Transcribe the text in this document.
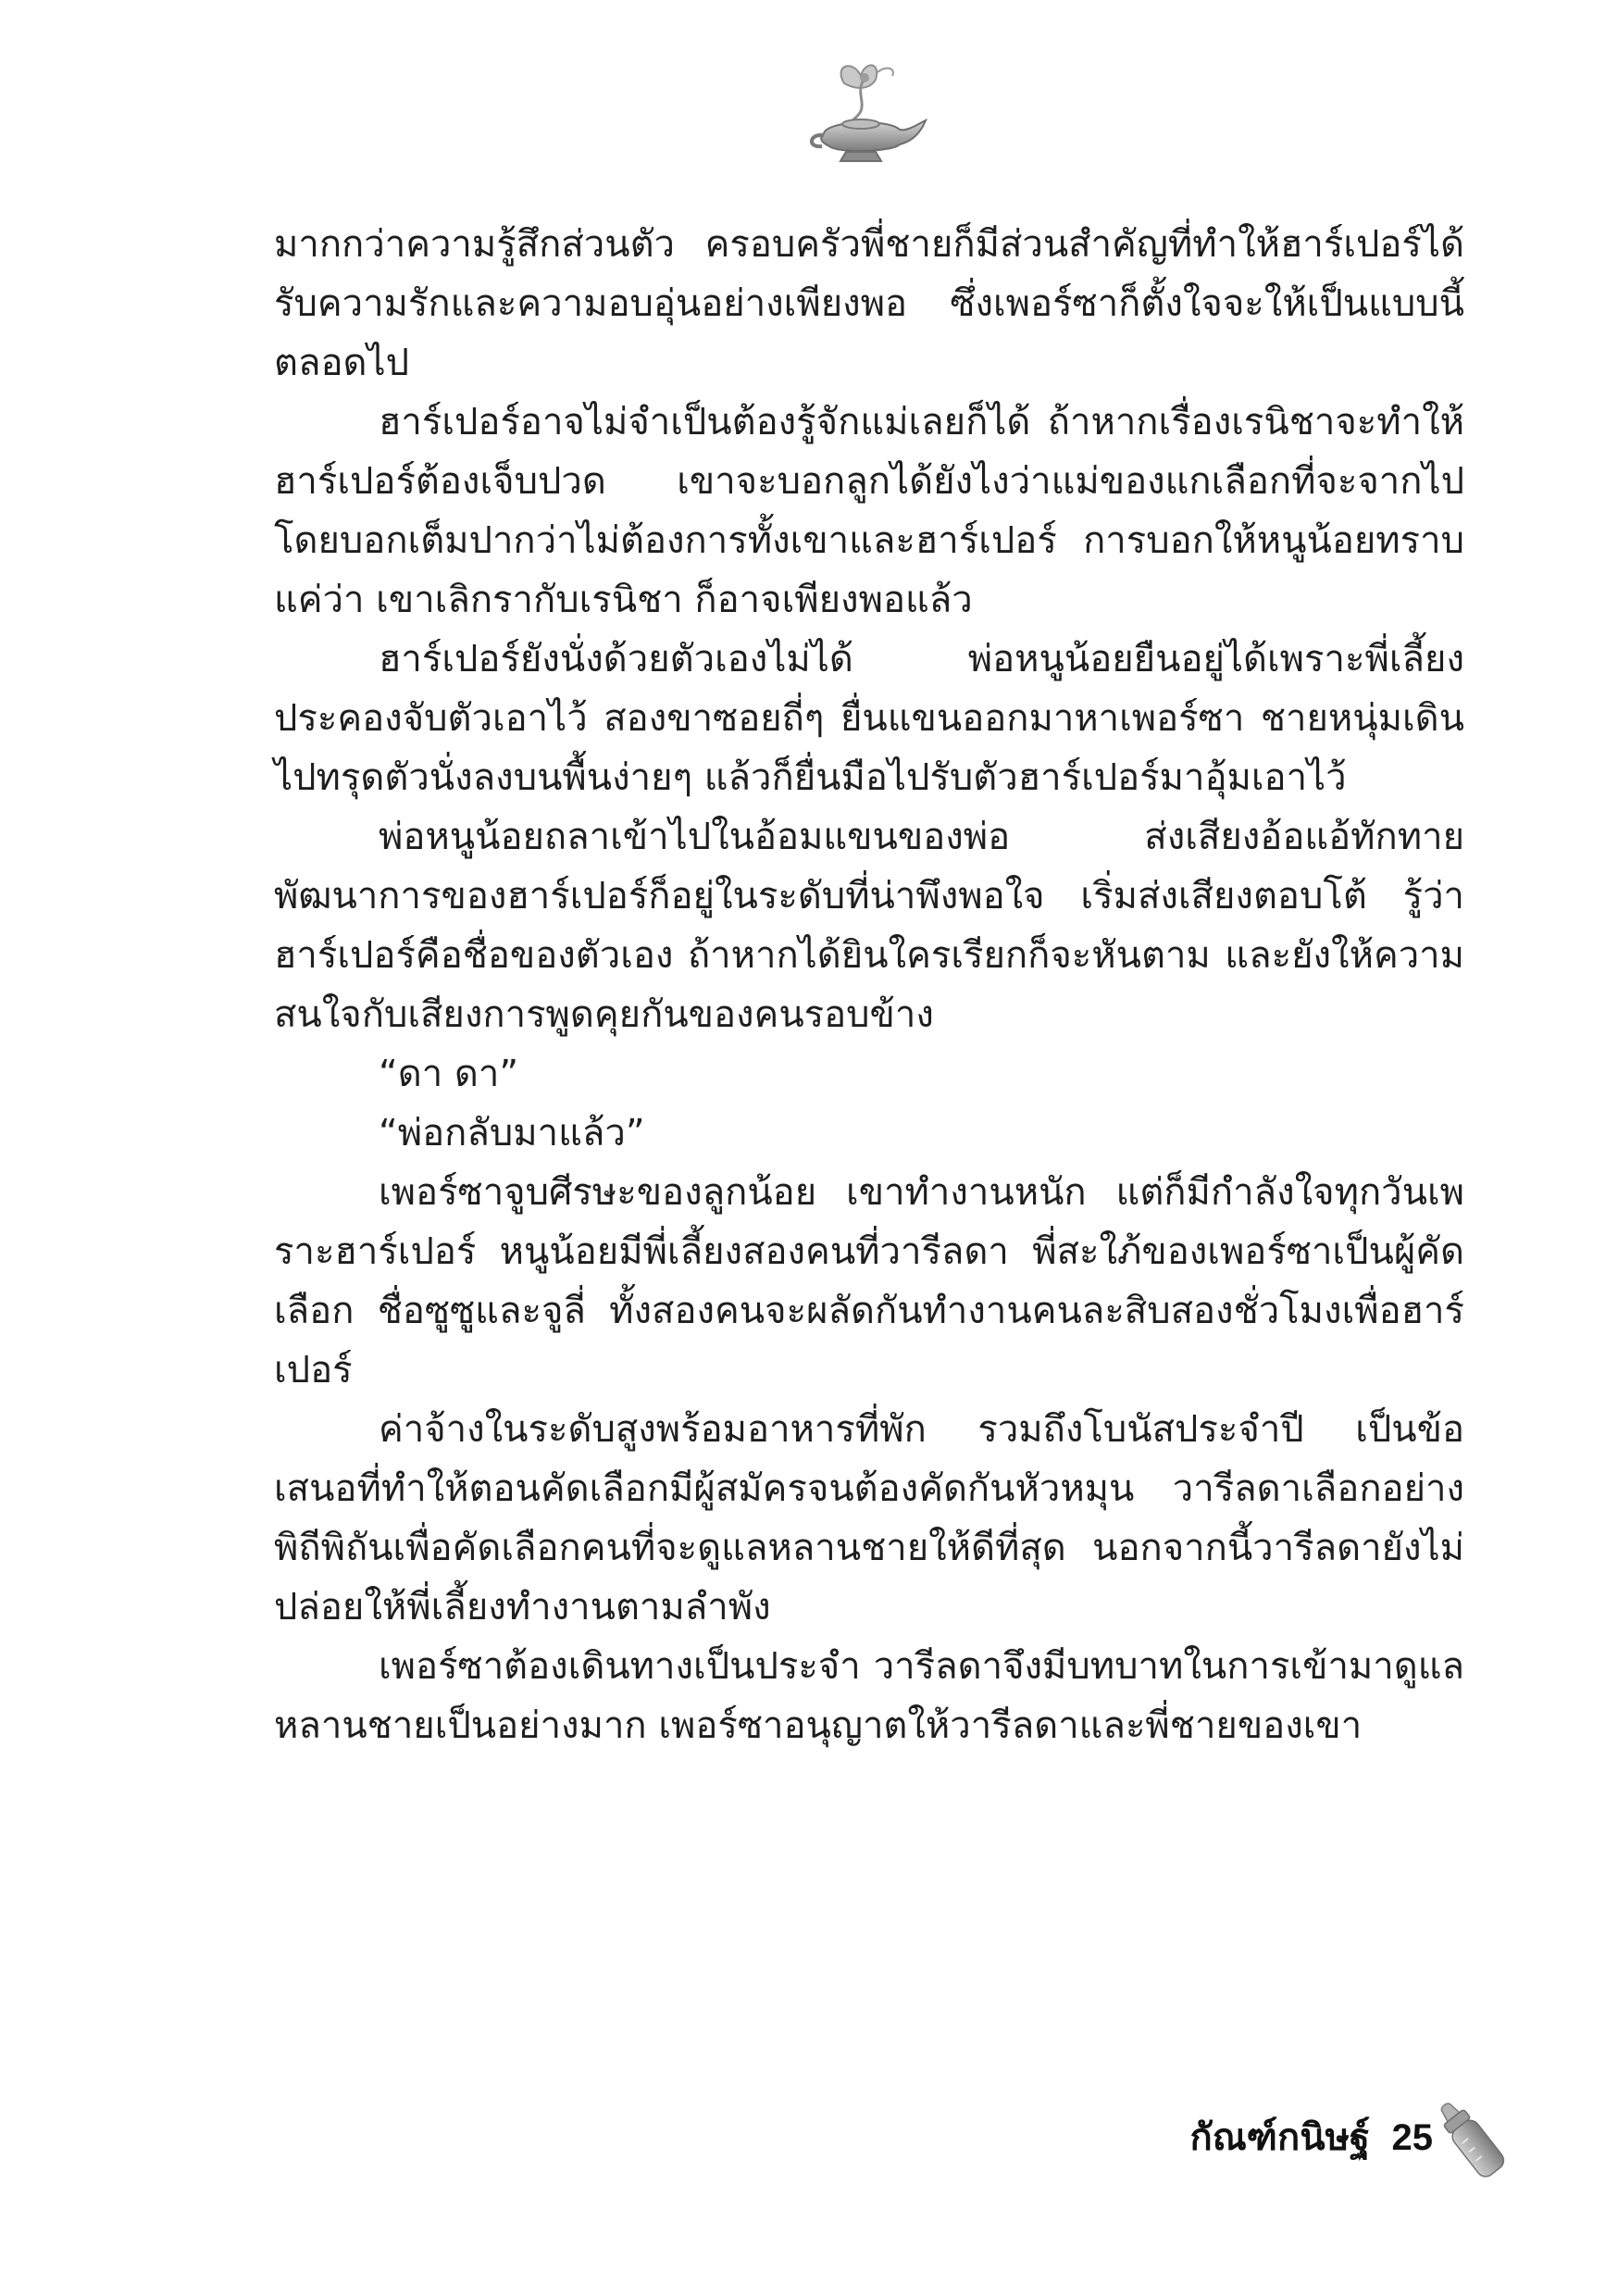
มากกว่าความรู้สึกส่วนตัว ครอบครัวพี่ชายก็มีส่วนสำคัญที่ทำให้ฮาร์เปอร์ได้รับความรักและความอบอุ่นอย่างเพียงพอ ซึ่งเพอร์ซาก็ตั้งใจจะให้เป็นแบบนี้ตลอดไป

ฮาร์เปอร์อาจไม่จำเป็นต้องรู้จักแม่เลยก็ได้ ถ้าหากเรื่องเรนิชาจะทำให้ฮาร์เปอร์ต้องเจ็บปวด เขาจะบอกลูกได้ยังไงว่าแม่ของแกเลือกที่จะจากไป โดยบอกเต็มปากว่าไม่ต้องการทั้งเขาและฮาร์เปอร์ การบอกให้หนูน้อยทราบแค่ว่า เขาเลิกรากับเรนิชา ก็อาจเพียงพอแล้ว

ฮาร์เปอร์ยังนั่งด้วยตัวเองไม่ได้ พ่อหนูน้อยยืนอยู่ได้เพราะพี่เลี้ยงประคองจับตัวเอาไว้ สองขาซอยถี่ๆ ยื่นแขนออกมาหาเพอร์ซา ชายหนุ่มเดินไปทรุดตัวนั่งลงบนพื้นง่ายๆ แล้วก็ยื่นมือไปรับตัวฮาร์เปอร์มาอุ้มเอาไว้

พ่อหนูน้อยถลาเข้าไปในอ้อมแขนของพ่อ ส่งเสียงอ้อแอ้ทักทาย พัฒนาการของฮาร์เปอร์ก็อยู่ในระดับที่น่าพึงพอใจ เริ่มส่งเสียงตอบโต้ รู้ว่าฮาร์เปอร์คือชื่อของตัวเอง ถ้าหากได้ยินใครเรียกก็จะหันตาม และยังให้ความสนใจกับเสียงการพูดคุยกันของคนรอบข้าง

“ดา ดา”

“พ่อกลับมาแล้ว”

เพอร์ซาจูบศีรษะของลูกน้อย เขาทำงานหนัก แต่ก็มีกำลังใจทุกวันเพราะฮาร์เปอร์ หนูน้อยมีพี่เลี้ยงสองคนที่วารีลดา พี่สะใภ้ของเพอร์ซาเป็นผู้คัดเลือก ชื่อซูซูและจูลี่ ทั้งสองคนจะผลัดกันทำงานคนละสิบสองชั่วโมงเพื่อฮาร์เปอร์

ค่าจ้างในระดับสูงพร้อมอาหารที่พัก รวมถึงโบนัสประจำปี เป็นข้อเสนอที่ทำให้ตอนคัดเลือกมีผู้สมัครจนต้องคัดกันหัวหมุน วารีลดาเลือกอย่างพิถีพิถันเพื่อคัดเลือกคนที่จะดูแลหลานชายให้ดีที่สุด นอกจากนี้วารีลดายังไม่ปล่อยให้พี่เลี้ยงทำงานตามลำพัง

เพอร์ซาต้องเดินทางเป็นประจำ วารีลดาจึงมีบทบาทในการเข้ามาดูแลหลานชายเป็นอย่างมาก เพอร์ซาอนุญาตให้วารีลดาและพี่ชายของเขา

กัณฑ์กนิษฐ์ 25
